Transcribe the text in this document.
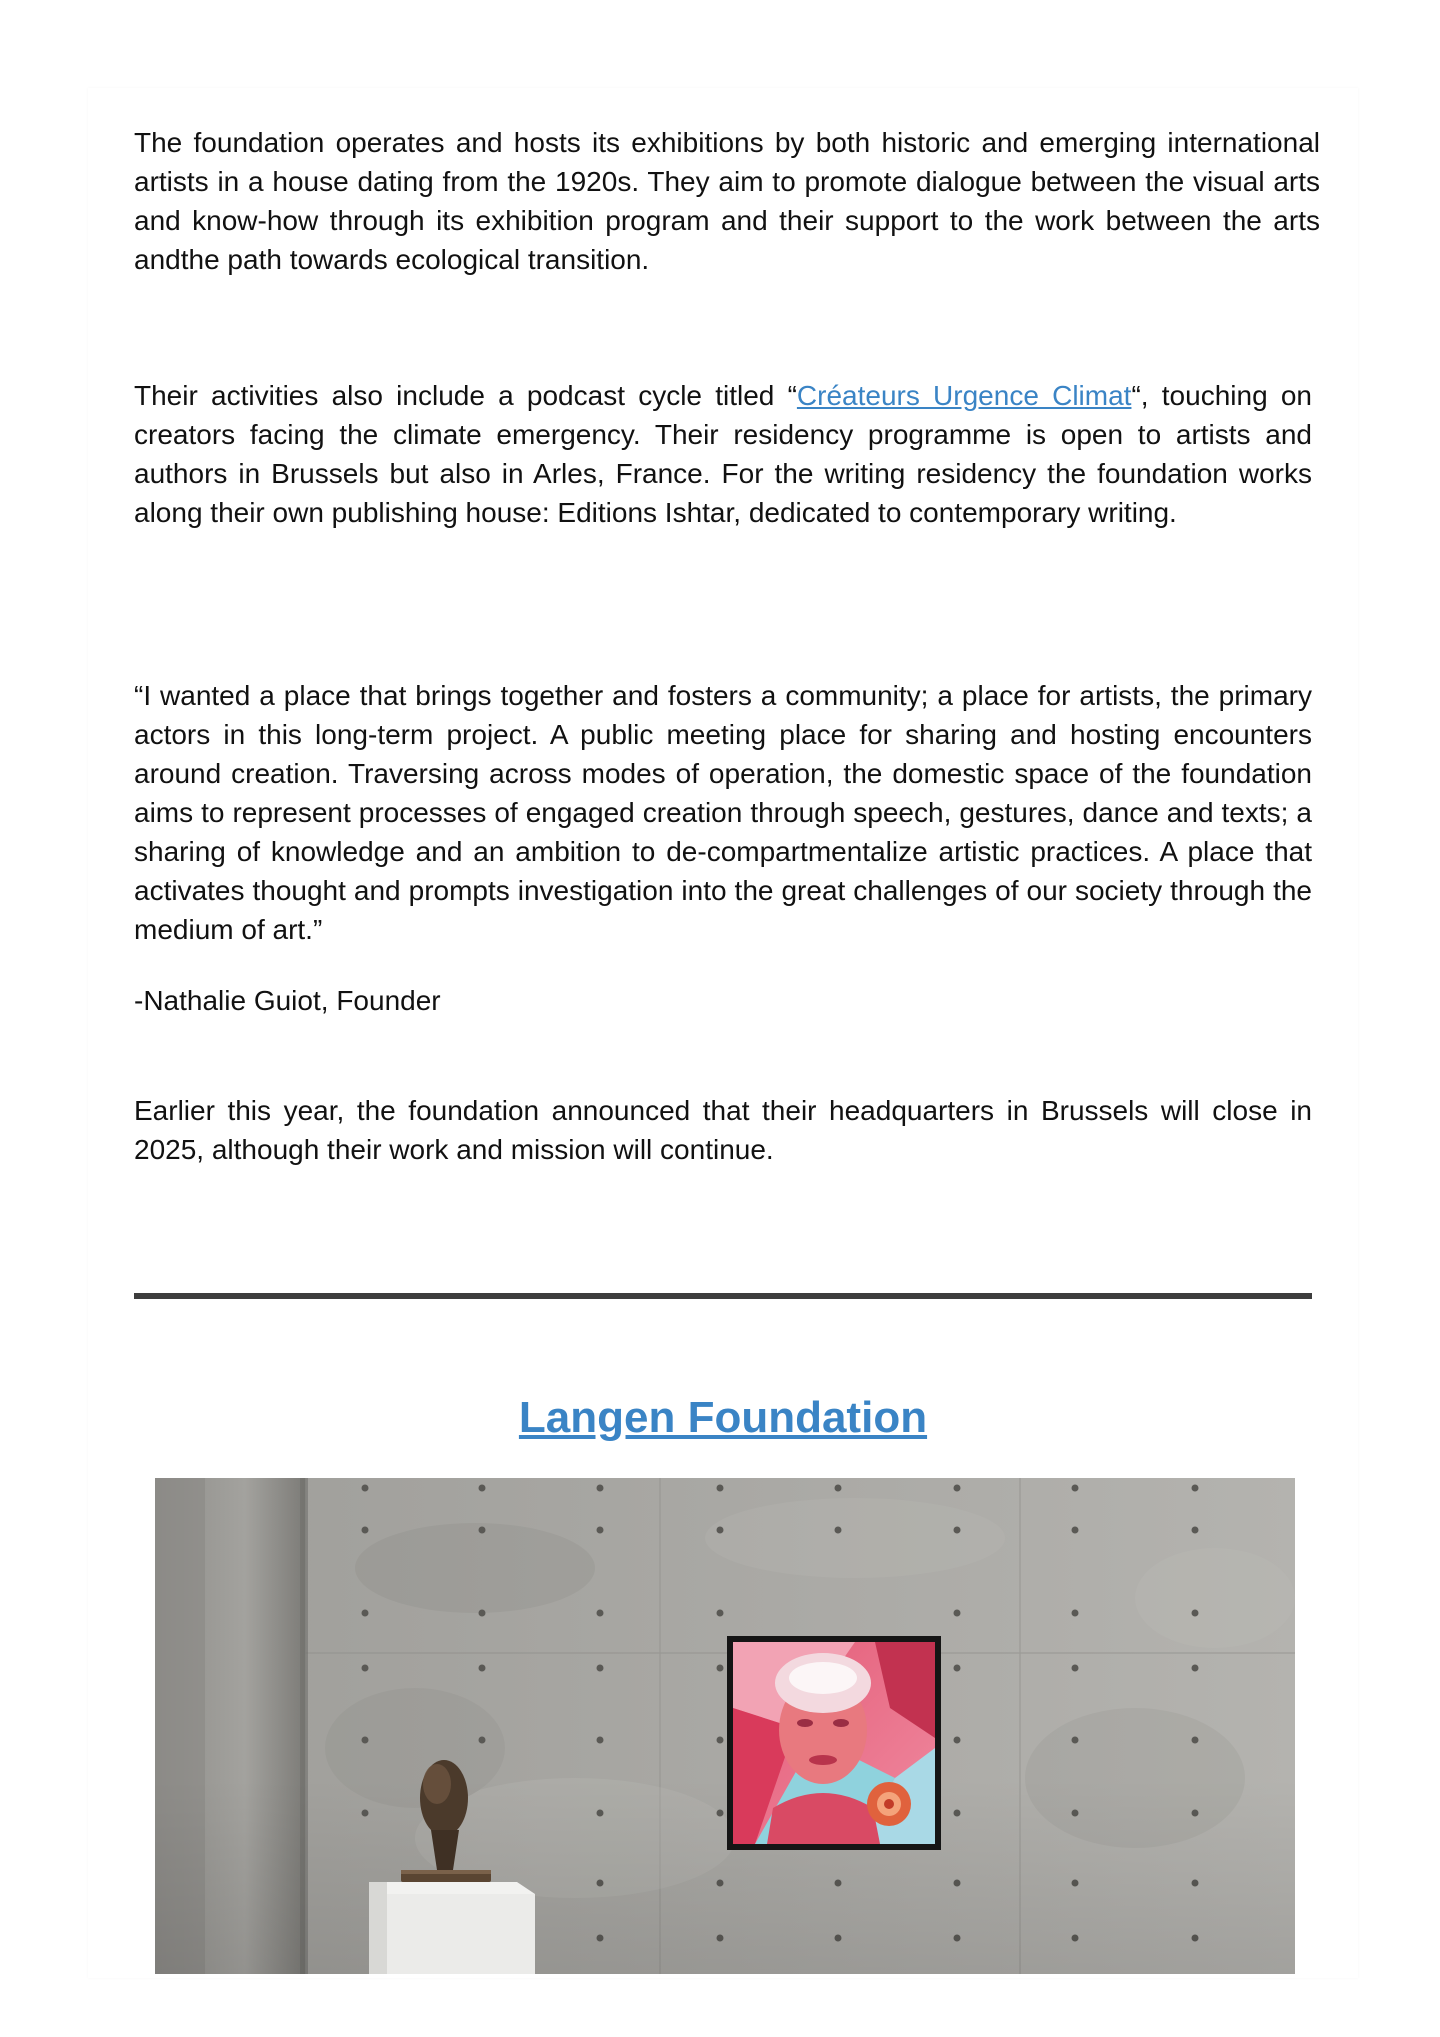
The foundation operates and hosts its exhibitions by both historic and emerging international artists in a house dating from the 1920s. They aim to promote dialogue between the visual arts and know-how through its exhibition program and their support to the work between the arts andthe path towards ecological transition.

Their activities also include a podcast cycle titled “Créateurs Urgence Climat“, touching on creators facing the climate emergency. Their residency programme is open to artists and authors in Brussels but also in Arles, France. For the writing residency the foundation works along their own publishing house: Editions Ishtar, dedicated to contemporary writing.

“I wanted a place that brings together and fosters a community; a place for artists, the primary actors in this long-term project. A public meeting place for sharing and hosting encounters around creation. Traversing across modes of operation, the domestic space of the foundation aims to represent processes of engaged creation through speech, gestures, dance and texts; a sharing of knowledge and an ambition to de-compartmentalize artistic practices. A place that activates thought and prompts investigation into the great challenges of our society through the medium of art.”

-Nathalie Guiot, Founder

Earlier this year, the foundation announced that their headquarters in Brussels will close in 2025, although their work and mission will continue.

Langen Foundation
